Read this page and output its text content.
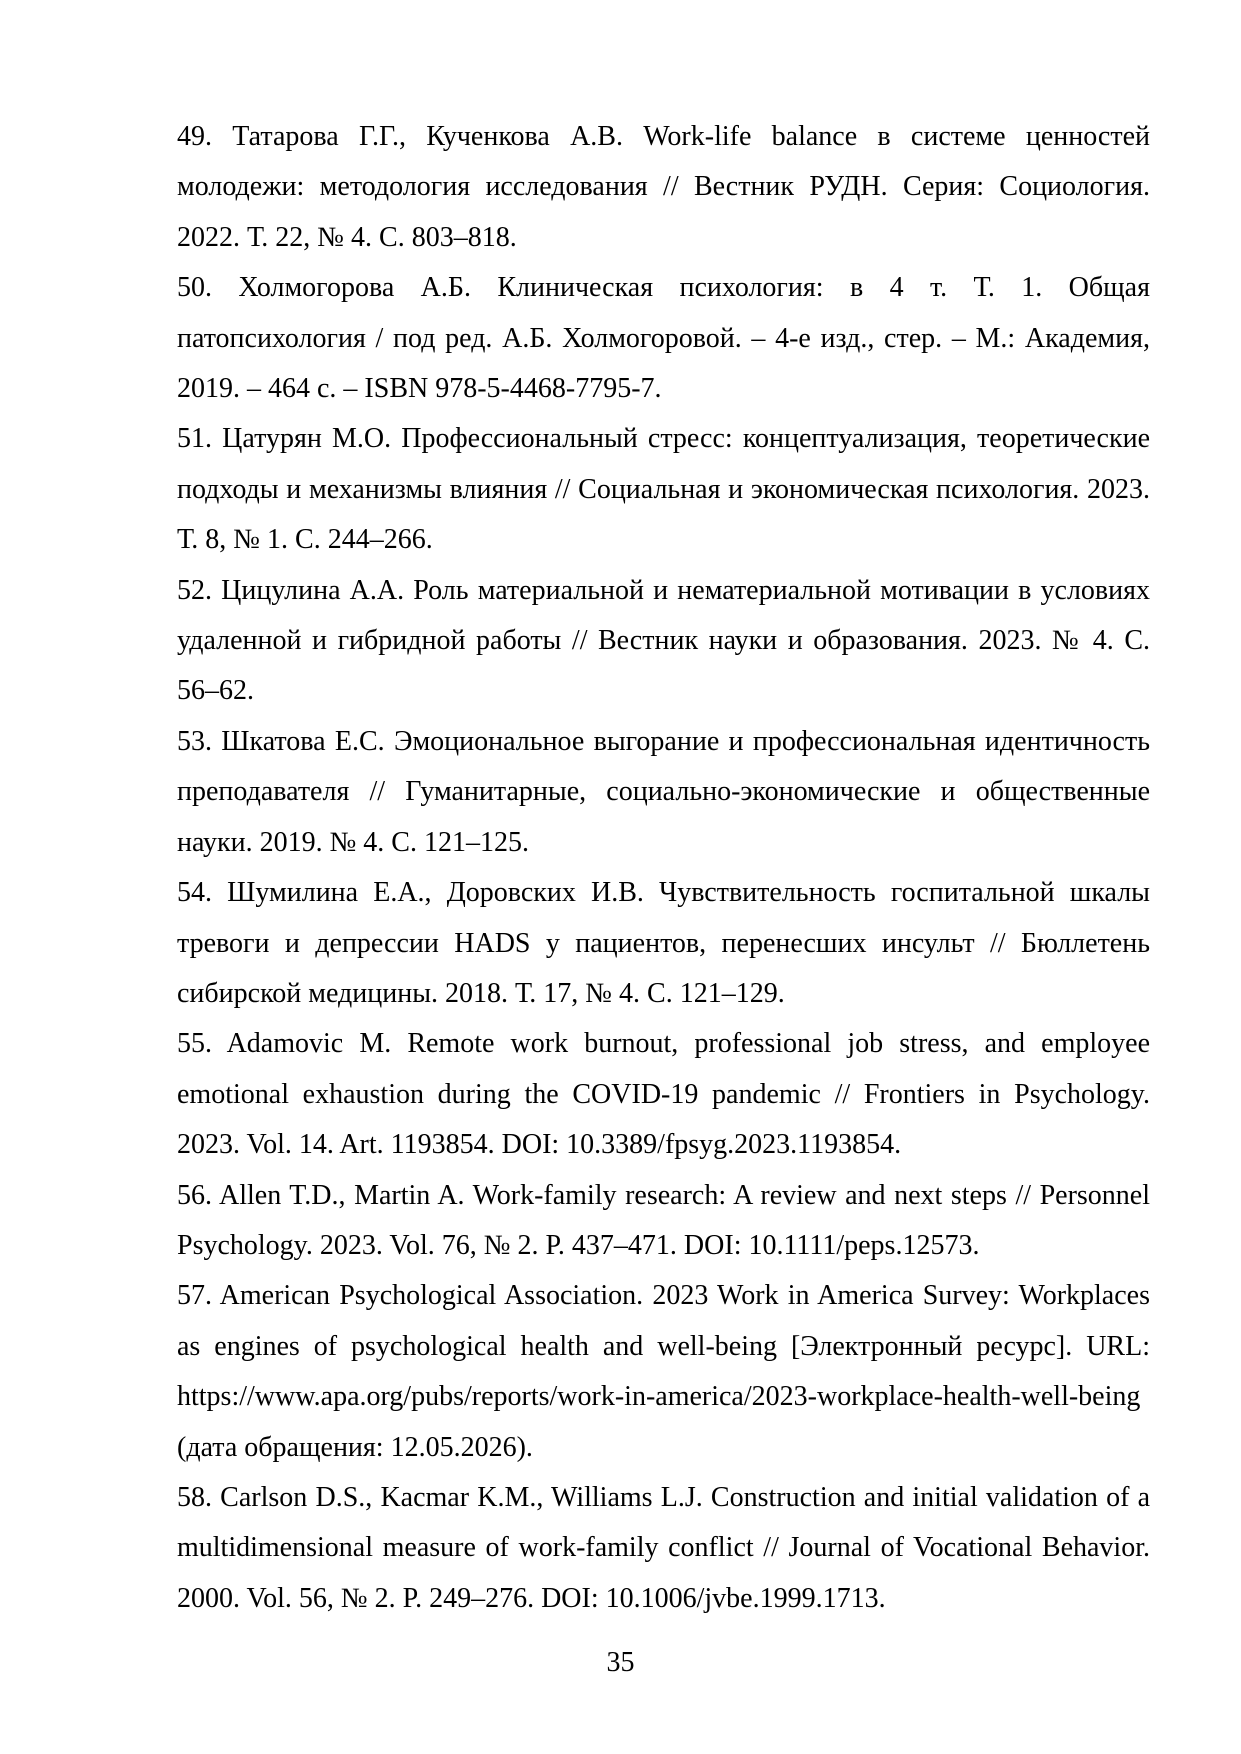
49. Татарова Г.Г., Кученкова А.В. Work-life balance в системе ценностей молодежи: методология исследования // Вестник РУДН. Серия: Социология. 2022. Т. 22, № 4. С. 803–818.
50. Холмогорова А.Б. Клиническая психология: в 4 т. Т. 1. Общая патопсихология / под ред. А.Б. Холмогоровой. – 4-е изд., стер. – М.: Академия, 2019. – 464 с. – ISBN 978-5-4468-7795-7.
51. Цатурян М.О. Профессиональный стресс: концептуализация, теоретические подходы и механизмы влияния // Социальная и экономическая психология. 2023. Т. 8, № 1. С. 244–266.
52. Цицулина А.А. Роль материальной и нематериальной мотивации в условиях удаленной и гибридной работы // Вестник науки и образования. 2023. № 4. С. 56–62.
53. Шкатова Е.С. Эмоциональное выгорание и профессиональная идентичность преподавателя // Гуманитарные, социально-экономические и общественные науки. 2019. № 4. С. 121–125.
54. Шумилина Е.А., Доровских И.В. Чувствительность госпитальной шкалы тревоги и депрессии HADS у пациентов, перенесших инсульт // Бюллетень сибирской медицины. 2018. Т. 17, № 4. С. 121–129.
55. Adamovic M. Remote work burnout, professional job stress, and employee emotional exhaustion during the COVID-19 pandemic // Frontiers in Psychology. 2023. Vol. 14. Art. 1193854. DOI: 10.3389/fpsyg.2023.1193854.
56. Allen T.D., Martin A. Work-family research: A review and next steps // Personnel Psychology. 2023. Vol. 76, № 2. P. 437–471. DOI: 10.1111/peps.12573.
57. American Psychological Association. 2023 Work in America Survey: Workplaces as engines of psychological health and well-being [Электронный ресурс]. URL: https://www.apa.org/pubs/reports/work-in-america/2023-workplace-health-well-being (дата обращения: 12.05.2026).
58. Carlson D.S., Kacmar K.M., Williams L.J. Construction and initial validation of a multidimensional measure of work-family conflict // Journal of Vocational Behavior. 2000. Vol. 56, № 2. P. 249–276. DOI: 10.1006/jvbe.1999.1713.
35
